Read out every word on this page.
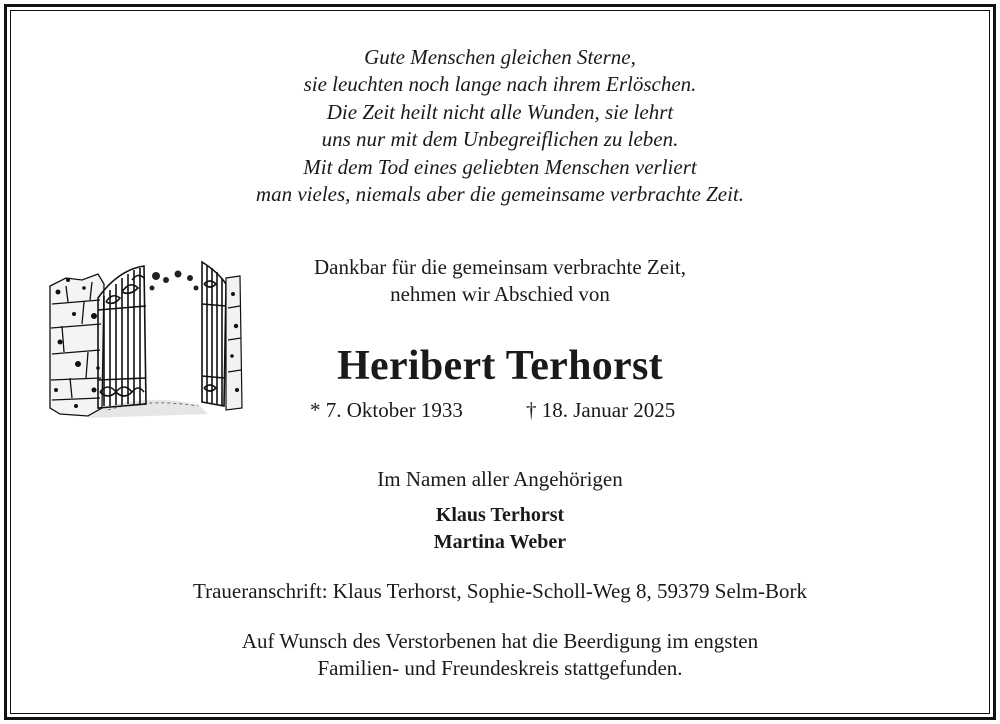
Gute Menschen gleichen Sterne,
sie leuchten noch lange nach ihrem Erlöschen.
Die Zeit heilt nicht alle Wunden, sie lehrt
uns nur mit dem Unbegreiflichen zu leben.
Mit dem Tod eines geliebten Menschen verliert
man vieles, niemals aber die gemeinsame verbrachte Zeit.
Dankbar für die gemeinsam verbrachte Zeit,
nehmen wir Abschied von
Heribert Terhorst
* 7. Oktober 1933	† 18. Januar 2025
Im Namen aller Angehörigen
Klaus Terhorst
Martina Weber
Traueranschrift: Klaus Terhorst, Sophie-Scholl-Weg 8, 59379 Selm-Bork
Auf Wunsch des Verstorbenen hat die Beerdigung im engsten
Familien- und Freundeskreis stattgefunden.
